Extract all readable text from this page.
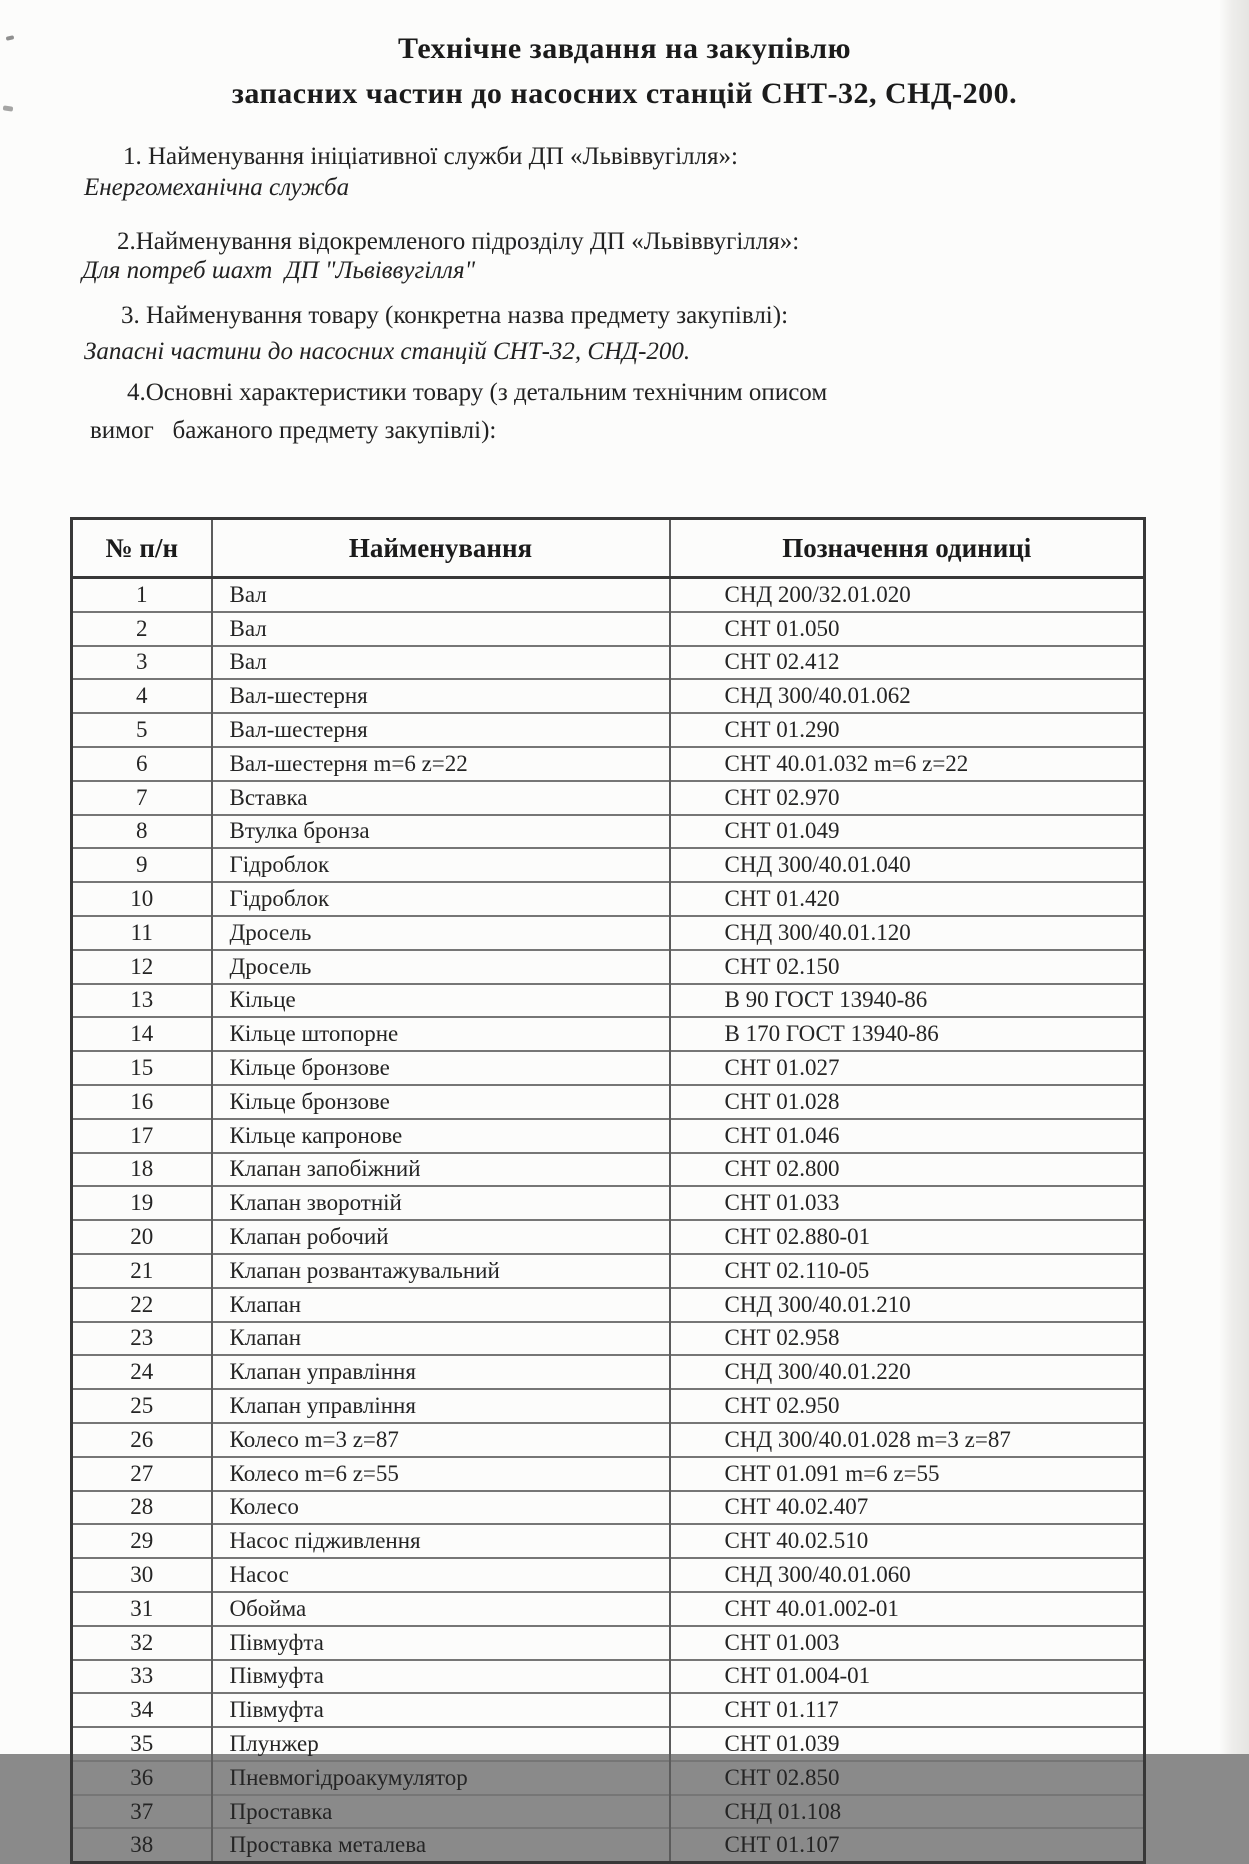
Технічне завдання на закупівлю
запасних частин до насосних станцій СНТ-32, СНД-200.
1. Найменування ініціативної служби ДП «Львіввугілля»:
Енергомеханічна служба
2.Найменування відокремленого підрозділу ДП «Львіввугілля»:
Для потреб шахт  ДП "Львіввугілля"
3. Найменування товару (конкретна назва предмету закупівлі):
Запасні частини до насосних станцій СНТ-32, СНД-200.
4.Основні характеристики товару (з детальним технічним описом
вимог   бажаного предмету закупівлі):
№ п/н	Найменування	Позначення одиниці
1	Вал	СНД 200/32.01.020
2	Вал	СНТ 01.050
3	Вал	СНТ 02.412
4	Вал-шестерня	СНД 300/40.01.062
5	Вал-шестерня	СНТ 01.290
6	Вал-шестерня m=6 z=22	СНТ 40.01.032 m=6 z=22
7	Вставка	СНТ 02.970
8	Втулка бронза	СНТ 01.049
9	Гідроблок	СНД 300/40.01.040
10	Гідроблок	СНТ 01.420
11	Дросель	СНД 300/40.01.120
12	Дросель	СНТ 02.150
13	Кільце	В 90 ГОСТ 13940-86
14	Кільце штопорне	В 170 ГОСТ 13940-86
15	Кільце бронзове	СНТ 01.027
16	Кільце бронзове	СНТ 01.028
17	Кільце капронове	СНТ 01.046
18	Клапан запобіжний	СНТ 02.800
19	Клапан зворотній	СНТ 01.033
20	Клапан робочий	СНТ 02.880-01
21	Клапан розвантажувальний	СНТ 02.110-05
22	Клапан	СНД 300/40.01.210
23	Клапан	СНТ 02.958
24	Клапан управління	СНД 300/40.01.220
25	Клапан управління	СНТ 02.950
26	Колесо m=3 z=87	СНД 300/40.01.028 m=3 z=87
27	Колесо m=6 z=55	СНТ 01.091 m=6 z=55
28	Колесо	СНТ 40.02.407
29	Насос підживлення	СНТ 40.02.510
30	Насос	СНД 300/40.01.060
31	Обойма	СНТ 40.01.002-01
32	Півмуфта	СНТ 01.003
33	Півмуфта	СНТ 01.004-01
34	Півмуфта	СНТ 01.117
35	Плунжер	СНТ 01.039
36	Пневмогідроакумулятор	СНТ 02.850
37	Проставка	СНД 01.108
38	Проставка металева	СНТ 01.107
